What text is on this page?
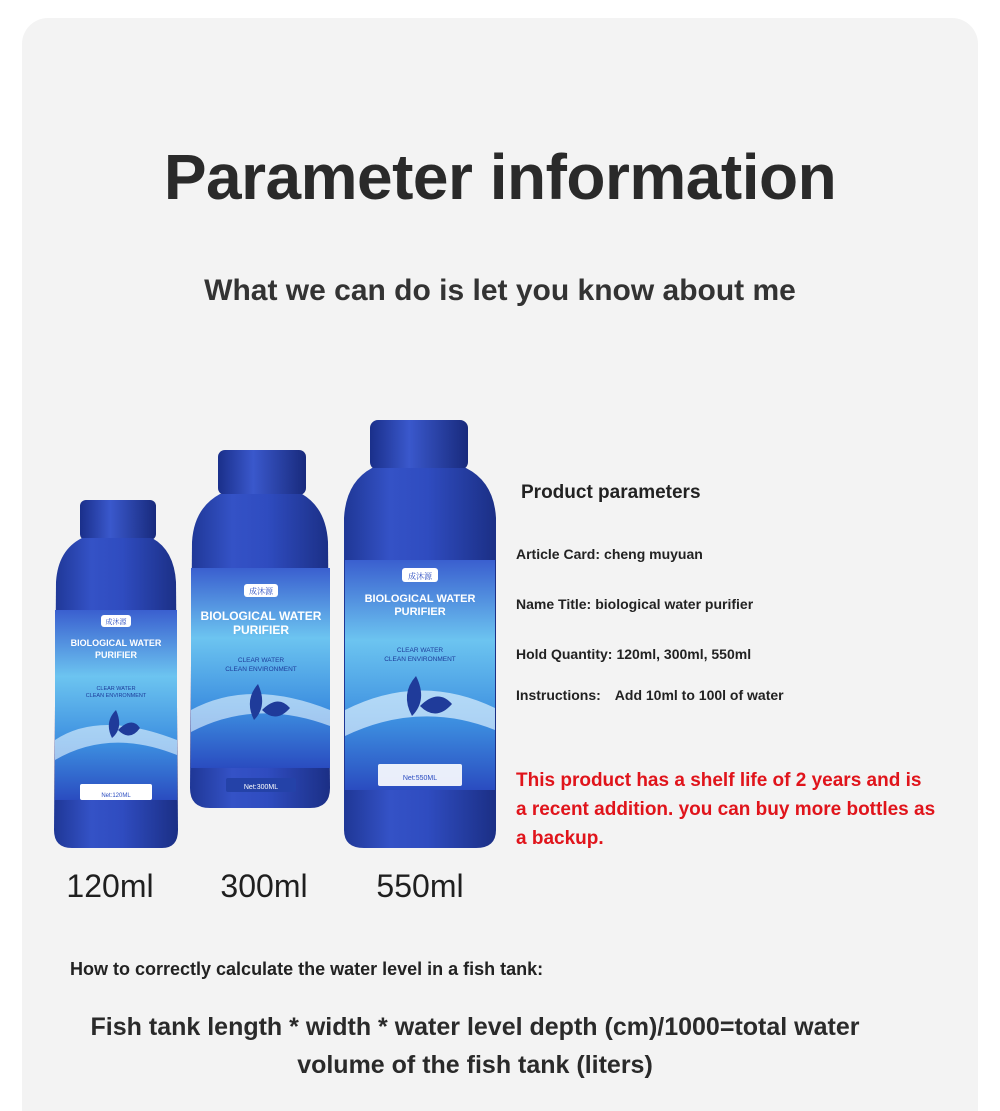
Parameter information
What we can do is let you know about me
成沐源
BIOLOGICAL WATER
PURIFIER
CLEAR WATER
CLEAN ENVIRONMENT
Net:120ML
成沐源
BIOLOGICAL WATER
PURIFIER
CLEAR WATER
CLEAN ENVIRONMENT
Net:300ML
成沐源
BIOLOGICAL WATER
PURIFIER
CLEAR WATER
CLEAN ENVIRONMENT
Net:550ML
120ml	300ml	550ml
Product parameters
Article Card: cheng muyuan
Name Title: biological water purifier
Hold Quantity: 120ml, 300ml, 550ml
Instructions: Add 10ml to 100l of water
This product has a shelf life of 2 years and is a recent addition. you can buy more bottles as a backup.
How to correctly calculate the water level in a fish tank:
Fish tank length * width * water level depth (cm)/1000=total water
volume of the fish tank (liters)
